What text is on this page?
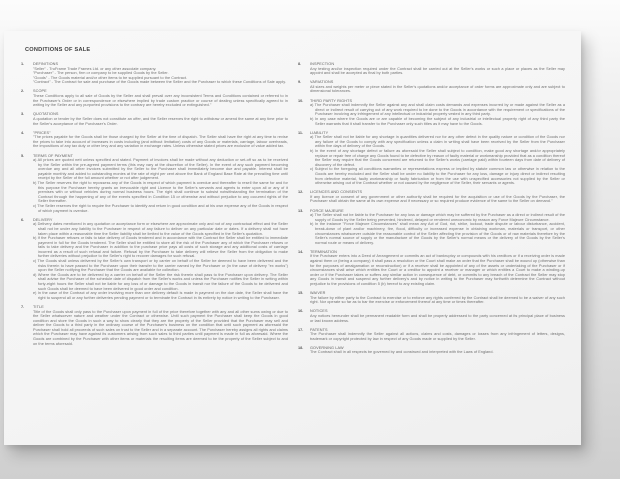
CONDITIONS OF SALE
1.	DEFINITIONS

"Seller" - TruFrame Trade Frames Ltd. or any other associate company.

"Purchaser" - The person, firm or company to be supplied Goods by the Seller.

"Goods" - The Goods material and/or other items to be supplied pursuant to the Contract.

"Contract" - The Contract for sale and purchase of the Goods made between the Seller and the Purchaser to which these Conditions of Sale apply.

2.	SCOPE

These Conditions apply to all sale of Goods by the Seller and shall prevail over any inconsistent Terms and Conditions contained or referred to in the Purchaser's Order or in correspondence or elsewhere implied by trade custom practice or course of dealing unless specifically agreed to in writing by the Seller and any purported provisions to the contrary are hereby excluded or extinguished."

3.	QUOTATIONS

A quotation or tender by the Seller does not constitute an offer, and the Seller reserves the right to withdraw or amend the same at any time prior to the Seller's acceptance of the Purchaser's Order.

4.	"PRICES"

"The prices payable for the Goods shall be those charged by the Seller at the time of dispatch. The Seller shall have the right at any time to revise the prices to take into account of increases in costs including (and without limitation) costs of any Goods or materials, carriage, labour overheads, the impositions of any tax duty or other levy and any variation in exchange rates. Unless otherwise stated prices are exclusive of value added tax.

5.	TERMS OF PAYMENT

a) All prices are quoted nett unless specified and stated. Payment of invoices shall be made without any deduction or set-off so as to be received by the Seller within the pre-agreed payment terms (this may vary at the discretion of the Seller). In the event of any such payment becoming overdue any and all other invoices submitted by the Seller to the Purchaser shall immediately become due and payable. Interest shall be payable monthly and added to outstanding monies at the rate of eight per cent above the Bank of England Base Rate at the prevailing time until receipt by the Seller of the full amount whether or not after judgement.

b) The Seller reserves the right to repossess any of the Goods in respect of which payment is overdue and thereafter to resell the same for and for this purpose the Purchaser hereby grants an irrevocable right and Licence to the Seller's servants and agents to enter upon all or any of it premises with or without vehicles during normal business hours. The right shall continue to subsist notwithstanding the termination of the Contract through the happening of any of the events specified in Condition 15 or otherwise and without prejudice to any occurred rights of the Seller thereafter.

c) The Seller reserves the right to require the Purchaser to identify and return in good condition and at his own expense any of the Goods in respect of which payment is overdue.

6.	DELIVERY

a) Delivery dates mentioned in any quotation or acceptance form or elsewhere are approximate only and not of any contractual effect and the Seller shall not be under any liability to the Purchaser in respect of any failure to deliver on any particular date or dates. If a delivery shall not have taken place within a reasonable time the Seller liability shall be limited to the value of the Goods specified in the Seller's quotation.

b) If the Purchaser refuses or fails to take delivery of Goods tendered and in accordance with the Contract the Seller shall be entitled to immediate payment in full for the Goods tendered. The Seller shall be entitled to store all the risk of the Purchaser any of which the Purchaser refuses or fails to take delivery and the Purchaser in addition to the purchase price pays all costs of such storage and any additional costs of carriage incurred as a result of such refusal and failure. Refusal by the Purchaser to take delivery will relieve the Seller from the obligation to make further deliveries without prejudice to the Seller's right to recover damages for such refusal.

c) The Goods shall unless delivered by the Seller's own transport or by carrier on behalf of the Seller be deemed to have been delivered and the risks therein to have passed to the Purchaser upon their transfer to the carrier named by the Purchaser or (in the case of delivery "ex works") upon the Seller notifying the Purchaser that the Goods are available for collection.

d) Where the Goods are to be delivered by a carrier on behalf of the Seller the risk therein shall pass to the Purchaser upon delivery. The Seller shall advise the Purchaser of the schedule date of dispatch from the Seller's works and unless the Purchaser notifies the Seller in writing within forty-eight hours the Seller shall not be liable for any loss of or damage to the Goods in transit nor the failure of the Goods to be delivered and such Goods shall be deemed to have been delivered in good order and condition.

e) In the case of the Contract of any order involving more than one delivery default is made in payment on the due date, the Seller shall have the right to suspend all or any further deliveries pending payment or to terminate the Contract in its entirety by notice in writing to the Purchaser.

7.	TITLE

Title of the Goods shall only pass to the Purchaser upon payment in full of the price therefore together with any and all other sums owing or due to the Seller whatsoever nature and weather under the Contract or otherwise. Until such payment the Purchaser shall keep the Goods in good condition and store the Goods in such a way to show clearly that they are the property of the Seller provided that the Purchaser may sell and deliver the Goods to a third party in the ordinary course of the Purchaser's business on the condition that until such payment as aforesaid the Purchaser shall hold all proceeds of such sales on trust to the Seller and in a separate account. The Purchaser hereby assigns all rights and claims which the Purchaser may have against its customers arising from such sales to third parties until payment is made in full as aforesaid. Where the Goods are combined by the Purchaser with other items or materials the resulting items are deemed to be the property of the Seller subject to and on the terms aforesaid.

8.	INSPECTION

Any testing and/or inspection required under the Contract shall be carried out at the Seller's works or such a place or places as the Seller may appoint and shall be accepted as final by both parties.

9.	VARIATIONS

All sizes and weights per meter or piece stated in the Seller's quotations and/or acceptance of order forms are approximate only and are subject to dimensional tolerances.

10.	THIRD PARTY RIGHTS

a) The Purchaser shall indemnify the Seller against any and shall claim costs demands and expenses incurred by or made against the Seller as a direct or indirect result of carrying out of any work required to be done to the Goods in accordance with the requirement or specifications of the Purchaser involving any infringement of any intellectual or industrial property vested in any third party.

b) In any case where the Goods are or are capable of becoming the subject of any industrial or intellectual property right of any third party the Seller warrants that it shall transfer to the Purchaser only such titles as it may have to the Goods.

11.	LIABILITY

a) The Seller shall not be liable for any shortage in quantities delivered nor for any other defect in the quality nature or condition of the Goods nor any failure of the Goods to comply with any specification unless a claim in writing shall have been received by the Seller from the Purchaser within five days of delivery of the Goods.

b) In the event of any shortage defect or failure as aforesaid the Seller shall subject to condition, make good any shortage and/or appropriately replace or repair free of charge any Goods found to be defective by reason of faulty material or workmanship provided that as a condition thereof the Seller may require that the Goods concerned are returned to the Seller's works (carriage paid) within fourteen days from date of delivery of discovery of the defect.

c) Subject to the foregoing all conditions warranties or representations express or implied by statute common law or otherwise in relation to the Goods are hereby excluded and the Seller shall be under no liability to the Purchaser for any loss, damage or injury direct or indirect resulting from defective material, faulty workmanship or faulty fabrication or from the use with unspecified accessories not supplied by the Seller or otherwise arising out of the Contract whether or not caused by the negligence of the Seller, their servants or agents.

12.	LICENCES AND CONSENTS

If any licence or consent of any government or other authority shall be required for the acquisition or use of the Goods by the Purchaser, the Purchaser shall obtain the same at its own expense and if necessary or so required produce evidence of the same to the Seller on demand."

13.	FORCE MAJEURE

a) The Seller shall not be liable to the Purchaser for any loss or damage which may be suffered by the Purchaser as a direct or indirect result of the supply of Goods by the Seller being prevented, hindered, delayed or rendered uneconomic by reason any Force Majeure Circumstance.

b) In the instance "Force Majeure Circumstances" shall mean any Act of God, riot, strike, lockout, trade dispute or labour disturbance, accident, break-down of plant and/or machinery, fire, flood, difficulty or increased expense in obtaining workman, materials or transport, or other circumstances whatsoever outside the reasonable control of the Seller affecting the provision of the Goods or of raw materials therefore by the Seller's normal source of supply or the manufacture of the Goods by the Seller's normal means or the delivery of the Goods by the Seller's normal route or means of delivery.

14.	TERMINATION

If the Purchaser enters into a Deed of Arrangement or commits an act of bankruptcy or compounds with his creditors or if a receiving order is made against them or (being a company) it shall pass a resolution or the Court shall make an order that the Purchaser shall be wound up (otherwise than for the purposes of amalgamation or reconstruction) or if a receiver shall be appointed of any of the assets or undertaking of the Purchaser or if circumstances shall arise which entitles the Court or a creditor to appoint a receiver or manager or which entitles a Court to make a winding-up order or if the Purchaser takes or suffers any similar action in consequence of debt, or commits to any breach of the Contract the Seller may stop any Goods in transit and suspend any further delivery's and by notice in writing to the Purchaser may forthwith determine the Contract without prejudice to the provisions of condition 5 (b) hereof to any existing claim.

15.	WAIVER

The failure by either party to the Contract to exercise or to enforce any rights conferred by the Contract shall be deemed to be a waiver of any such right. Nor operate so far as to bar the exercise or enforcement thereof at any time or times thereafter.

16.	NOTICES

Any notices hereunder shall be permanent readable form and shall be properly addressed to the party concerned at its principal place of business or last known address.

17.	PATENTS

The Purchaser shall indemnify the Seller against all actions, claims and costs, damages or losses from any infringement of letters, designs, trademark or copyright protected by law in respect of any Goods made or supplied by the Seller.

18.	GOVERNING LAW

The Contract shall in all respects be governed by and construed and interpreted with the Laws of England.
